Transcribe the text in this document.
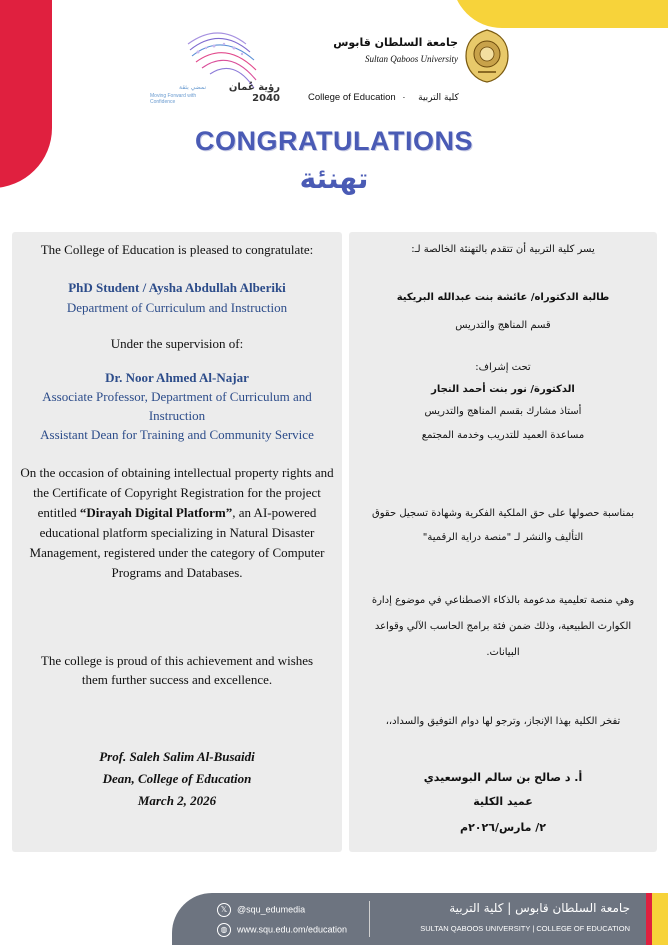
رؤية عُمان 2040
نمضي بثقة
Moving Forward with Confidence
جامعة السلطان قابوس
Sultan Qaboos University
College of Education · كلية التربية
CONGRATULATIONS
تهنئة
The College of Education is pleased to congratulate:
PhD Student / Aysha Abdullah Alberiki
Department of Curriculum and Instruction
Under the supervision of:
Dr. Noor Ahmed Al-Najar
Associate Professor, Department of Curriculum and Instruction
Assistant Dean for Training and Community Service
On the occasion of obtaining intellectual property rights and the Certificate of Copyright Registration for the project entitled “Dirayah Digital Platform”, an AI-powered educational platform specializing in Natural Disaster Management, registered under the category of Computer Programs and Databases.
The college is proud of this achievement and wishes them further success and excellence.
Prof. Saleh Salim Al-Busaidi
Dean, College of Education
March 2, 2026
يسر كلية التربية أن تتقدم بالتهنئة الخالصة لـ:
طالبة الدكتوراه/ عائشة بنت عبدالله البريكية
قسم المناهج والتدريس
تحت إشراف:
الدكتورة/ نور بنت أحمد النجار
أستاذ مشارك بقسم المناهج والتدريس
مساعدة العميد للتدريب وخدمة المجتمع
بمناسبة حصولها على حق الملكية الفكرية وشهادة تسجيل حقوق التأليف والنشر لـ "منصة دراية الرقمية"
وهي منصة تعليمية مدعومة بالذكاء الاصطناعي في موضوع إدارة الكوارث الطبيعية، وذلك ضمن فئة برامج الحاسب الآلي وقواعد البيانات.
تفخر الكلية بهذا الإنجاز، وترجو لها دوام التوفيق والسداد،،
أ. د صالح بن سالم البوسعيدي
عميد الكلية
٢/ مارس/٢٠٢٦م
𝕏 @squ_edumedia
◍ www.squ.edu.om/education
جامعة السلطان قابوس | كلية التربية
SULTAN QABOOS UNIVERSITY | COLLEGE OF EDUCATION
